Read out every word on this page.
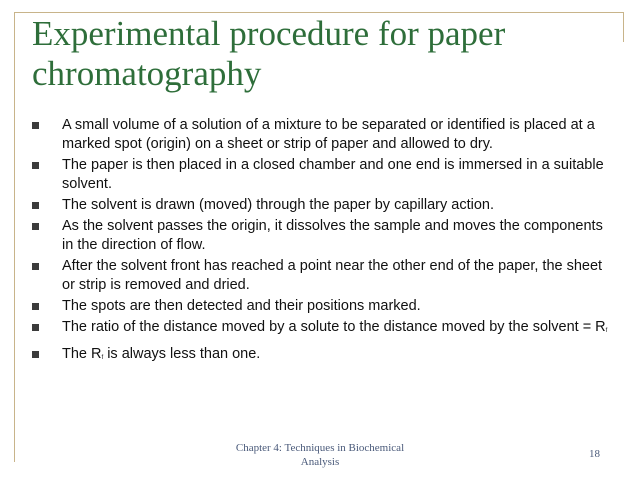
Experimental procedure for paper chromatography
A small volume of a solution of a mixture to be separated or identified is placed at a marked spot (origin) on a sheet or strip of paper and allowed to dry.
The paper is then placed in a closed chamber and one end is immersed in a suitable solvent.
The solvent is drawn (moved) through the paper by capillary action.
As the solvent passes the origin, it dissolves the sample and moves the components in the direction of flow.
After the solvent front has reached a point near the other end of the paper, the sheet or strip is removed and dried.
The spots are then detected and their positions marked.
The ratio of the distance moved by a solute to the distance moved by the solvent = Rf
The Rf is always less than one.
Chapter 4: Techniques in Biochemical
Analysis
18
